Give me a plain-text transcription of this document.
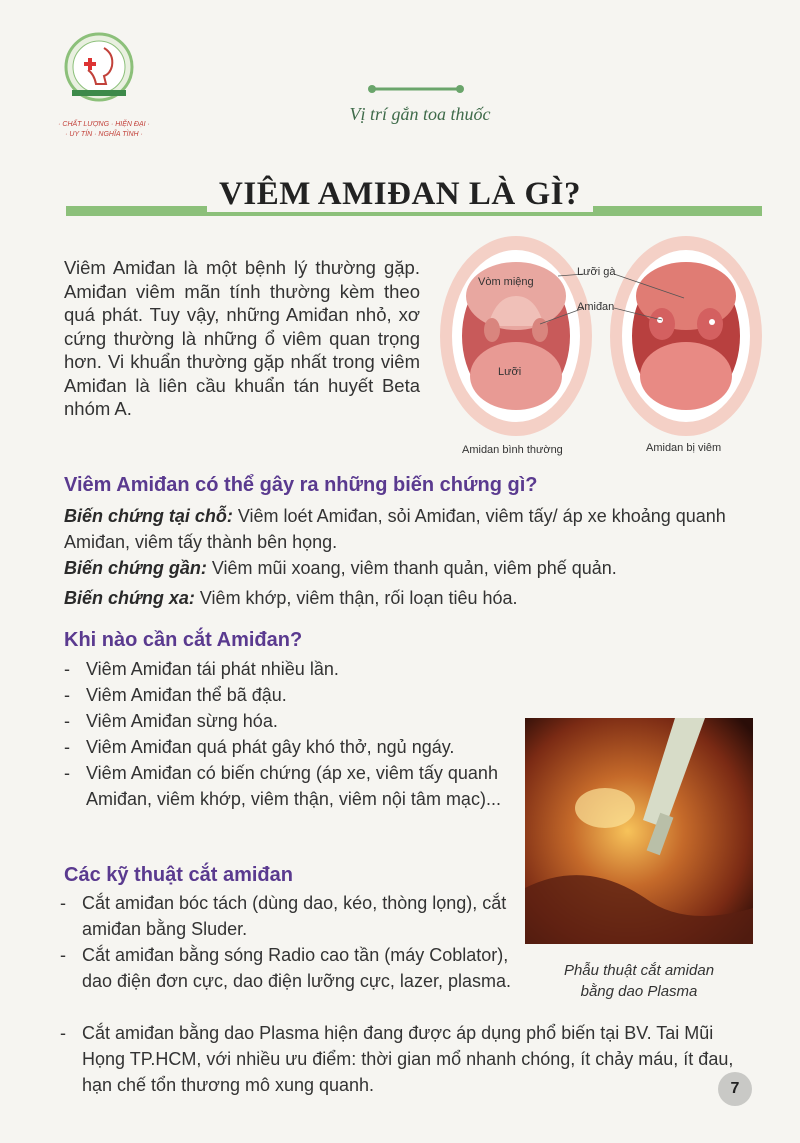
· CHẤT LƯỢNG · HIỆN ĐẠI ·
· UY TÍN · NGHĨA TÌNH ·
Vị trí gắn toa thuốc
VIÊM AMIĐAN LÀ GÌ?
Viêm Amiđan là một bệnh lý thường gặp. Amiđan viêm mãn tính thường kèm theo quá phát. Tuy vậy, những Amiđan nhỏ, xơ cứng thường là những ổ viêm quan trọng hơn. Vi khuẩn thường gặp nhất trong viêm Amiđan là liên cầu khuẩn tán huyết Beta nhóm A.
Vòm miệng
Lưỡi gà
Amiđan
Lưỡi
Amidan bình thường	Amidan bị viêm
Viêm Amiđan có thể gây ra những biến chứng gì?
Biến chứng tại chỗ: Viêm loét Amiđan, sỏi Amiđan, viêm tấy/ áp xe khoảng quanh Amiđan, viêm tấy thành bên họng.
Biến chứng gần: Viêm mũi xoang, viêm thanh quản, viêm phế quản.
Biến chứng xa: Viêm khớp, viêm thận, rối loạn tiêu hóa.
Khi nào cần cắt Amiđan?
- Viêm Amiđan tái phát nhiều lần.
- Viêm Amiđan thể bã đậu.
- Viêm Amiđan sừng hóa.
- Viêm Amiđan quá phát gây khó thở, ngủ ngáy.
- Viêm Amiđan có biến chứng (áp xe, viêm tấy quanh Amiđan, viêm khớp, viêm thận, viêm nội tâm mạc)...
Các kỹ thuật cắt amiđan
- Cắt amiđan bóc tách (dùng dao, kéo, thòng lọng), cắt amiđan bằng Sluder.
- Cắt amiđan bằng sóng Radio cao tần (máy Coblator), dao điện đơn cực, dao điện lưỡng cực, lazer, plasma.
- Cắt amiđan bằng dao Plasma hiện đang được áp dụng phổ biến tại BV. Tai Mũi Họng TP.HCM, với nhiều ưu điểm: thời gian mổ nhanh chóng, ít chảy máu, ít đau, hạn chế tổn thương mô xung quanh.
Phẫu thuật cắt amidan
bằng dao Plasma
7
